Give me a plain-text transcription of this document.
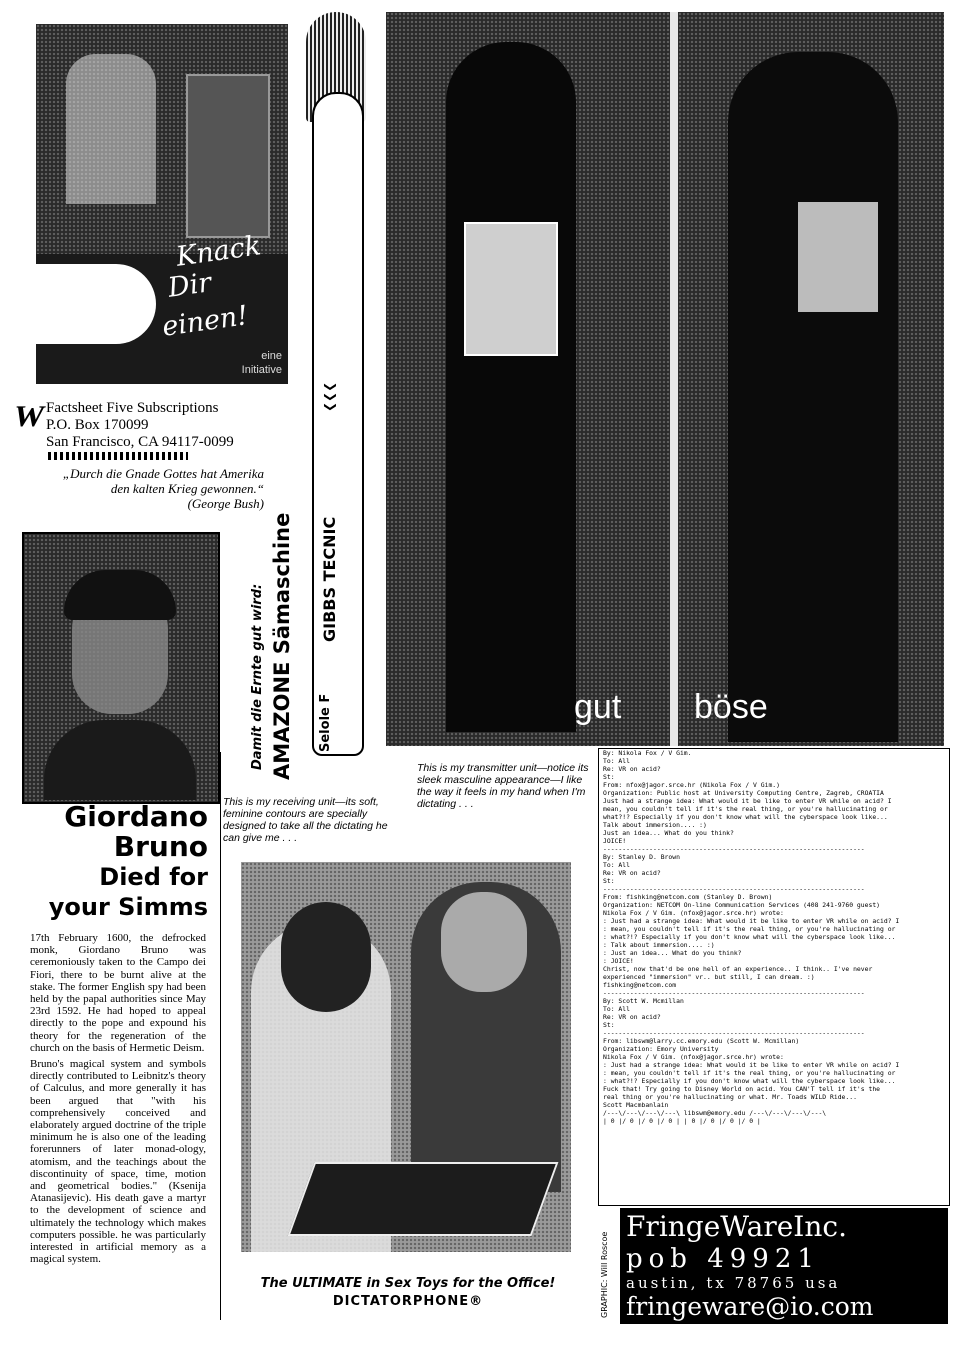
Knack
Dir
einen!
eine
Initiative
W
Factsheet Five Subscriptions
P.O. Box 170099
San Francisco, CA 94117-0099
„Durch die Gnade Gottes hat Amerika
den kalten Krieg gewonnen.“
(George Bush)
Giordano
Bruno
Died for
your Simms

17th February 1600, the defrocked monk, Giordano Bruno was ceremoniously taken to the Campo dei Fiori, there to be burnt alive at the stake. The former English spy had been held by the papal authorities since May 23rd 1592. He had hoped to appeal directly to the pope and expound his theory for the regeneration of the church on the basis of Hermetic Deism.

Bruno's magical system and symbols directly contributed to Leibnitz's theory of Calculus, and more generally it has been argued that "with his comprehensively conceived and elaborately argued doctrine of the triple minimum he is also one of the leading forerunners of later monad-ology, atomism, and the teachings about the discontinuity of space, time, motion and geometrical bodies." (Ksenija Atanasijevic). His death gave a martyr to the development of science and ultimately the technology which makes computers possible. he was particularly interested in artificial memory as a magical system.

GIBBS TECNIC
❮❮❮
Damit die Ernte gut wird: AMAZONE Sämaschine Selole F	gut böse
This is my receiving unit—its soft, feminine contours are specially designed to take all the dictating he can give me . . .
This is my transmitter unit—notice its sleek masculine appearance—I like the way it feels in my hand when I'm dictating . . .
The ULTIMATE in Sex Toys for the Office!
DICTATORPHONE®	GRAPHIC: Will Roscoe
By: Nikola Fox / V Gim.
To: All
Re: VR on acid?
St:
From: nfox@jagor.srce.hr (Nikola Fox / V Gim.)
Organization: Public host at University Computing Centre, Zagreb, CROATIA
Just had a strange idea: What would it be like to enter VR while on acid? I
mean, you couldn't tell if it's the real thing, or you're hallucinating or
what?!? Especially if you don't know what will the cyberspace look like...
Talk about immersion.... :)
Just an idea... What do you think?
JOICE!
--------------------------------------------------------------------
By: Stanley D. Brown
To: All
Re: VR on acid?
St:
--------------------------------------------------------------------
From: fishking@netcom.com (Stanley D. Brown)
Organization: NETCOM On-line Communication Services (408 241-9760 guest)
Nikola Fox / V Gim. (nfox@jagor.srce.hr) wrote:
: Just had a strange idea: What would it be like to enter VR while on acid? I
: mean, you couldn't tell if it's the real thing, or you're hallucinating or
: what?!? Especially if you don't know what will the cyberspace look like...
: Talk about immersion.... :)
: Just an idea... What do you think?
: JOICE!
Christ, now that'd be one hell of an experience.. I think.. I've never
experienced "immersion" vr.. but still, I can dream. :)
fishking@netcom.com
--------------------------------------------------------------------
By: Scott W. Mcmillan
To: All
Re: VR on acid?
St:
--------------------------------------------------------------------
From: libswm@larry.cc.emory.edu (Scott W. Mcmillan)
Organization: Emory University
Nikola Fox / V Gim. (nfox@jagor.srce.hr) wrote:
: Just had a strange idea: What would it be like to enter VR while on acid? I
: mean, you couldn't tell if it's the real thing, or you're hallucinating or
: what?!? Especially if you don't know what will the cyberspace look like...
Fuck that! Try going to Disney World on acid. You CAN'T tell if it's the
real thing or you're hallucinating or what. Mr. Toads WILD Ride...
Scott Macmbanlain
/---\/---\/---\/---\ libswm@emory.edu /---\/---\/---\/---\
| 0 |/ 0 |/ 0 |/ 0 | | 0 |/ 0 |/ 0 |/ 0 |
FringeWareInc.
pob 49921
austin, tx 78765 usa
fringeware@io.com
